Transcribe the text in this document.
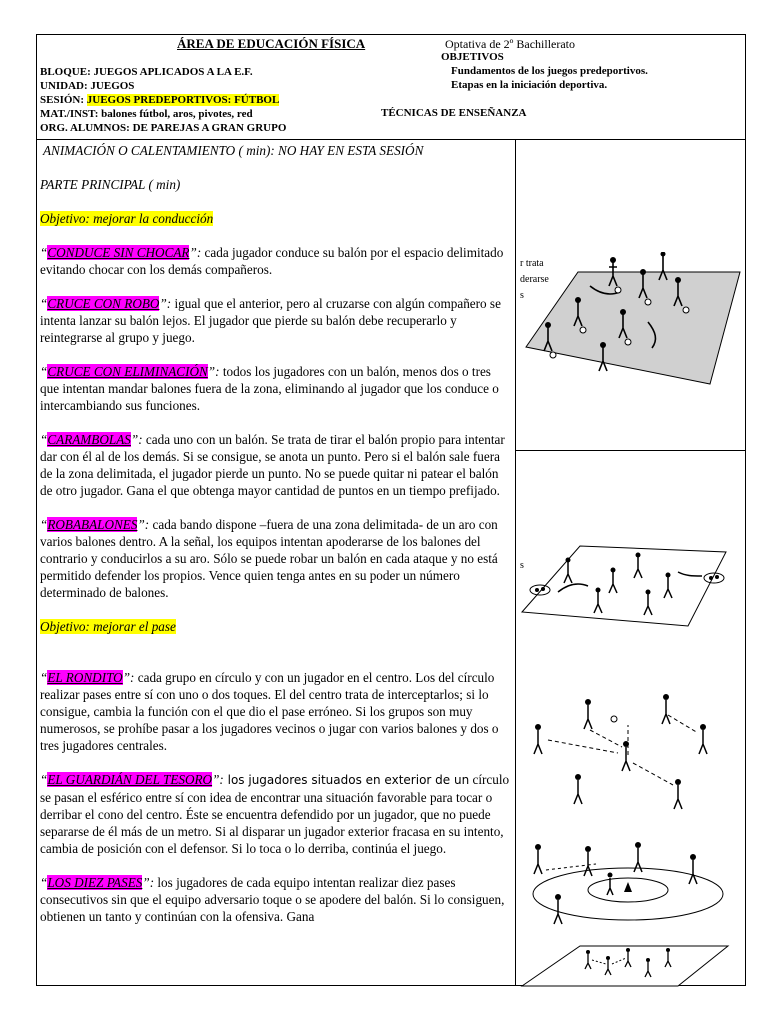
ÁREA DE EDUCACIÓN FÍSICA	Optativa de 2º Bachillerato
OBJETIVOS
Fundamentos de los juegos predeportivos.
Etapas en la iniciación deportiva.
TÉCNICAS DE ENSEÑANZA
BLOQUE: JUEGOS APLICADOS A LA E.F.
UNIDAD: JUEGOS
SESIÓN: JUEGOS PREDEPORTIVOS: FÚTBOL
MAT./INST: balones fútbol, aros, pivotes, red
ORG. ALUMNOS: DE PAREJAS A GRAN GRUPO

ANIMACIÓN O CALENTAMIENTO ( min): NO HAY EN ESTA SESIÓN

PARTE PRINCIPAL ( min)

Objetivo: mejorar la conducción

“CONDUCE SIN CHOCAR”: cada jugador conduce su balón por el espacio delimitado evitando chocar con los demás compañeros.

“CRUCE CON ROBO”: igual que el anterior, pero al cruzarse con algún compañero se intenta lanzar su balón lejos. El jugador que pierde su balón debe recuperarlo y reintegrarse al grupo y juego.

“CRUCE CON ELIMINACIÓN”: todos los jugadores con un balón, menos dos o tres que intentan mandar balones fuera de la zona, eliminando al jugador que los conduce o intercambiando sus funciones.

“CARAMBOLAS”: cada uno con un balón. Se trata de tirar el balón propio para intentar dar con él al de los demás. Si se consigue, se anota un punto. Pero si el balón sale fuera de la zona delimitada, el jugador pierde un punto. No se puede quitar ni patear el balón de otro jugador. Gana el que obtenga mayor cantidad de puntos en un tiempo prefijado.

“ROBABALONES”: cada bando dispone –fuera de una zona delimitada- de un aro con varios balones dentro. A la señal, los equipos intentan apoderarse de los balones del contrario y conducirlos a su aro. Sólo se puede robar un balón en cada ataque y no está permitido defender los propios. Vence quien tenga antes en su poder un número determinado de balones.

Objetivo: mejorar el pase

“EL RONDITO”: cada grupo en círculo y con un jugador en el centro. Los del círculo realizar pases entre sí con uno o dos toques. El del centro trata de interceptarlos; si lo consigue, cambia la función con el que dio el pase erróneo. Si los grupos son muy numerosos, se prohíbe pasar a los jugadores vecinos o jugar con varios balones y dos o tres jugadores centrales.

“EL GUARDIÁN DEL TESORO”: los jugadores situados en exterior de un círculo se pasan el esférico entre sí con idea de encontrar una situación favorable para tocar o derribar el cono del centro. Éste se encuentra defendido por un jugador, que no puede separarse de él más de un metro. Si al disparar un jugador exterior fracasa en su intento, cambia de posición con el defensor. Si lo toca o lo derriba, continúa el juego.

“LOS DIEZ PASES”: los jugadores de cada equipo intentan realizar diez pases consecutivos sin que el equipo adversario toque o se apodere del balón. Si lo consiguen, obtienen un tanto y continúan con la ofensiva. Gana

r trata
derarse
s
s
